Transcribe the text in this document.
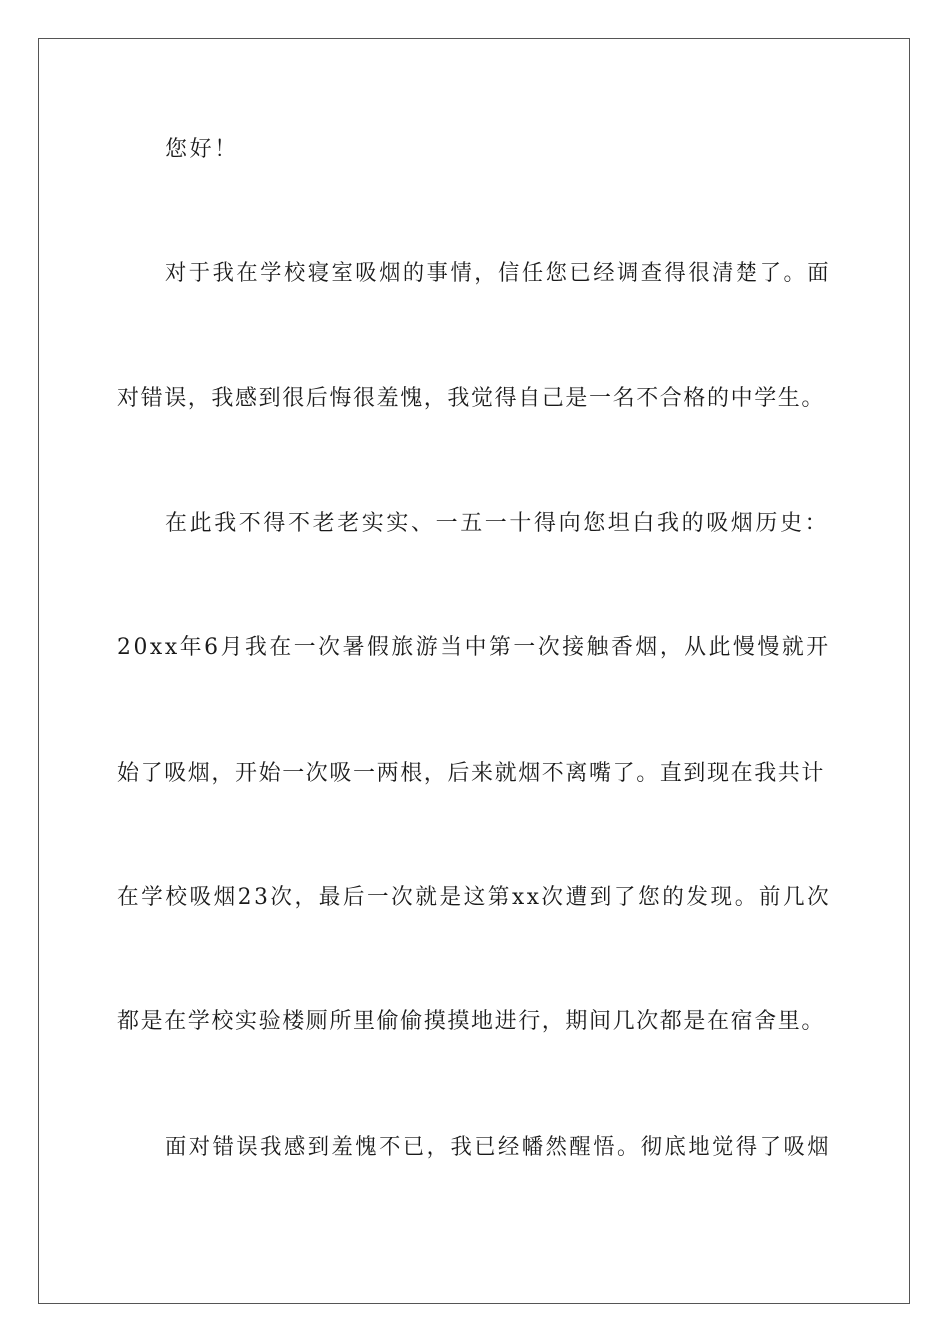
您好！
对于我在学校寝室吸烟的事情，信任您已经调查得很清楚了。面
对错误，我感到很后悔很羞愧，我觉得自己是一名不合格的中学生。
在此我不得不老老实实、一五一十得向您坦白我的吸烟历史：
20xx年6月我在一次暑假旅游当中第一次接触香烟，从此慢慢就开
始了吸烟，开始一次吸一两根，后来就烟不离嘴了。直到现在我共计
在学校吸烟23次，最后一次就是这第xx次遭到了您的发现。前几次
都是在学校实验楼厕所里偷偷摸摸地进行，期间几次都是在宿舍里。
面对错误我感到羞愧不已，我已经幡然醒悟。彻底地觉得了吸烟
